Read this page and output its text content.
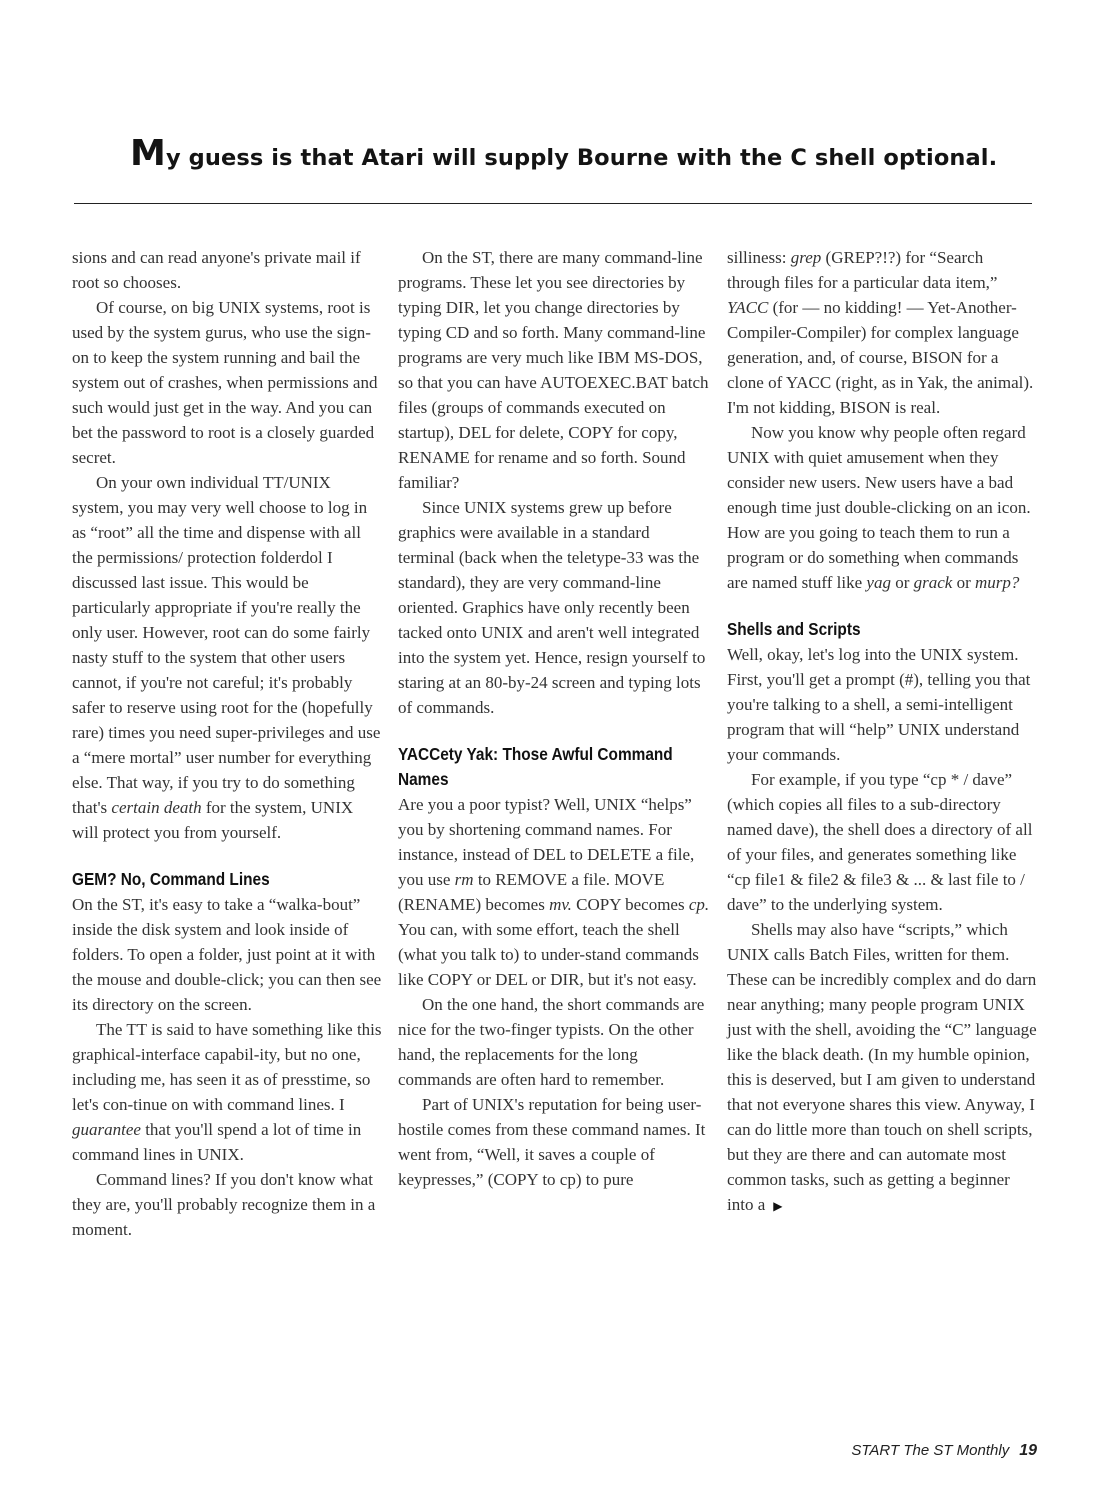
My guess is that Atari will supply Bourne with the C shell optional.

sions and can read anyone's private mail if root so chooses.

Of course, on big UNIX systems, root is used by the system gurus, who use the sign-on to keep the system running and bail the system out of crashes, when permissions and such would just get in the way. And you can bet the password to root is a closely guarded secret.

On your own individual TT/UNIX system, you may very well choose to log in as “root” all the time and dispense with all the permissions/ protection folderdol I discussed last issue. This would be particularly appropriate if you're really the only user. However, root can do some fairly nasty stuff to the system that other users cannot, if you're not careful; it's probably safer to reserve using root for the (hopefully rare) times you need super-privileges and use a “mere mortal” user number for everything else. That way, if you try to do something that's certain death for the system, UNIX will protect you from yourself.

GEM? No, Command Lines

On the ST, it's easy to take a “walka-bout” inside the disk system and look inside of folders. To open a folder, just point at it with the mouse and double-click; you can then see its directory on the screen.

The TT is said to have something like this graphical-interface capabil-ity, but no one, including me, has seen it as of presstime, so let's con-tinue on with command lines. I guarantee that you'll spend a lot of time in command lines in UNIX.

Command lines? If you don't know what they are, you'll probably recognize them in a moment.

On the ST, there are many command-line programs. These let you see directories by typing DIR, let you change directories by typing CD and so forth. Many command-line programs are very much like IBM MS-DOS, so that you can have AUTOEXEC.BAT batch files (groups of commands executed on startup), DEL for delete, COPY for copy, RENAME for rename and so forth. Sound familiar?

Since UNIX systems grew up before graphics were available in a standard terminal (back when the teletype-33 was the standard), they are very command-line oriented. Graphics have only recently been tacked onto UNIX and aren't well integrated into the system yet. Hence, resign yourself to staring at an 80-by-24 screen and typing lots of commands.

YACCety Yak: Those Awful Command Names

Are you a poor typist? Well, UNIX “helps” you by shortening command names. For instance, instead of DEL to DELETE a file, you use rm to REMOVE a file. MOVE (RENAME) becomes mv. COPY becomes cp. You can, with some effort, teach the shell (what you talk to) to under-stand commands like COPY or DEL or DIR, but it's not easy.

On the one hand, the short commands are nice for the two-finger typists. On the other hand, the replacements for the long commands are often hard to remember.

Part of UNIX's reputation for being user-hostile comes from these command names. It went from, “Well, it saves a couple of keypresses,” (COPY to cp) to pure

silliness: grep (GREP?!?) for “Search through files for a particular data item,” YACC (for — no kidding! — Yet-Another-Compiler-Compiler) for complex language generation, and, of course, BISON for a clone of YACC (right, as in Yak, the animal). I'm not kidding, BISON is real.

Now you know why people often regard UNIX with quiet amusement when they consider new users. New users have a bad enough time just double-clicking on an icon. How are you going to teach them to run a program or do something when commands are named stuff like yag or grack or murp?

Shells and Scripts

Well, okay, let's log into the UNIX system. First, you'll get a prompt (#), telling you that you're talking to a shell, a semi-intelligent program that will “help” UNIX understand your commands.

For example, if you type “cp * / dave” (which copies all files to a sub-directory named dave), the shell does a directory of all of your files, and generates something like “cp file1 & file2 & file3 & ... & last file to / dave” to the underlying system.

Shells may also have “scripts,” which UNIX calls Batch Files, written for them. These can be incredibly complex and do darn near anything; many people program UNIX just with the shell, avoiding the “C” language like the black death. (In my humble opinion, this is deserved, but I am given to understand that not everyone shares this view. Anyway, I can do little more than touch on shell scripts, but they are there and can automate most common tasks, such as getting a beginner into a ▶

START The ST Monthly 19
